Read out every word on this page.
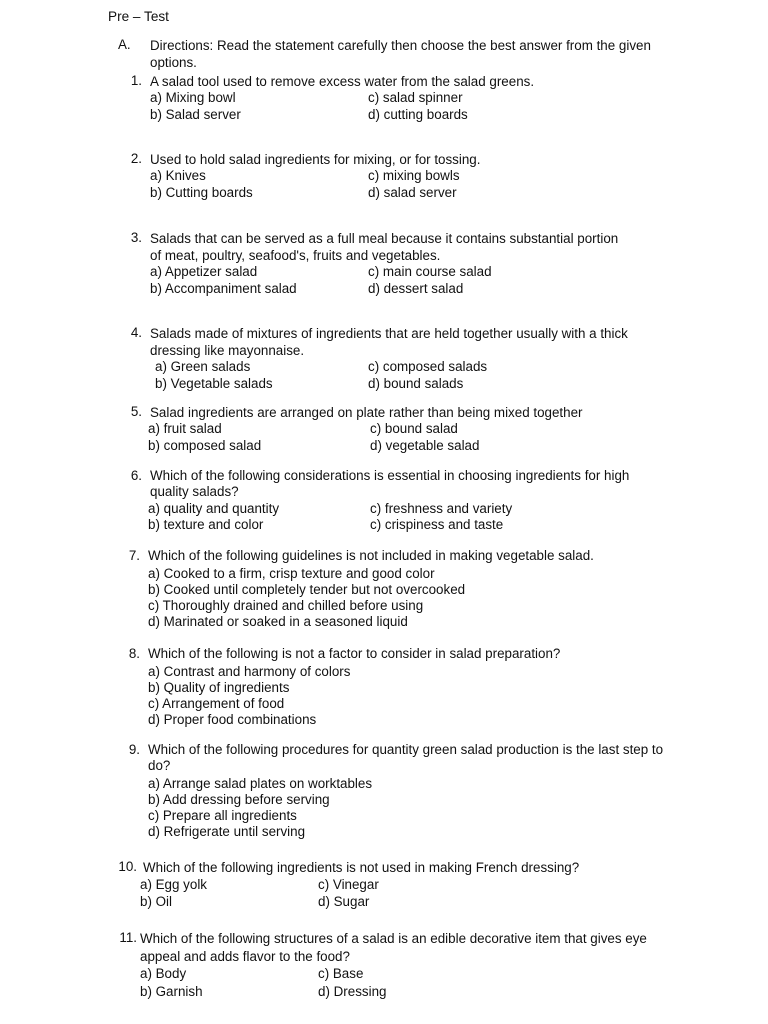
Pre – Test
A. Directions: Read the statement carefully then choose the best answer from the given options.
1. A salad tool used to remove excess water from the salad greens.
a) Mixing bowl
b) Salad server
c) salad spinner
d) cutting boards
2. Used to hold salad ingredients for mixing, or for tossing.
a) Knives
b) Cutting boards
c) mixing bowls
d) salad server
3. Salads that can be served as a full meal because it contains substantial portion of meat, poultry, seafood's, fruits and vegetables.
a) Appetizer salad
b) Accompaniment salad
c) main course salad
d) dessert salad
4. Salads made of mixtures of ingredients that are held together usually with a thick dressing like mayonnaise.
a) Green salads
b) Vegetable salads
c) composed salads
d) bound salads
5. Salad ingredients are arranged on plate rather than being mixed together
a) fruit salad
b) composed salad
c) bound salad
d) vegetable salad
6. Which of the following considerations is essential in choosing ingredients for high quality salads?
a) quality and quantity
b) texture and color
c) freshness and variety
c) crispiness and taste
7. Which of the following guidelines is not included in making vegetable salad.
a) Cooked to a firm, crisp texture and good color
b) Cooked until completely tender but not overcooked
c) Thoroughly drained and chilled before using
d) Marinated or soaked in a seasoned liquid
8. Which of the following is not a factor to consider in salad preparation?
a) Contrast and harmony of colors
b) Quality of ingredients
c) Arrangement of food
d) Proper food combinations
9. Which of the following procedures for quantity green salad production is the last step to do?
a) Arrange salad plates on worktables
b) Add dressing before serving
c) Prepare all ingredients
d) Refrigerate until serving
10. Which of the following ingredients is not used in making French dressing?
a) Egg yolk
b) Oil
c) Vinegar
d) Sugar
11. Which of the following structures of a salad is an edible decorative item that gives eye appeal and adds flavor to the food?
a) Body
b) Garnish
c) Base
d) Dressing
